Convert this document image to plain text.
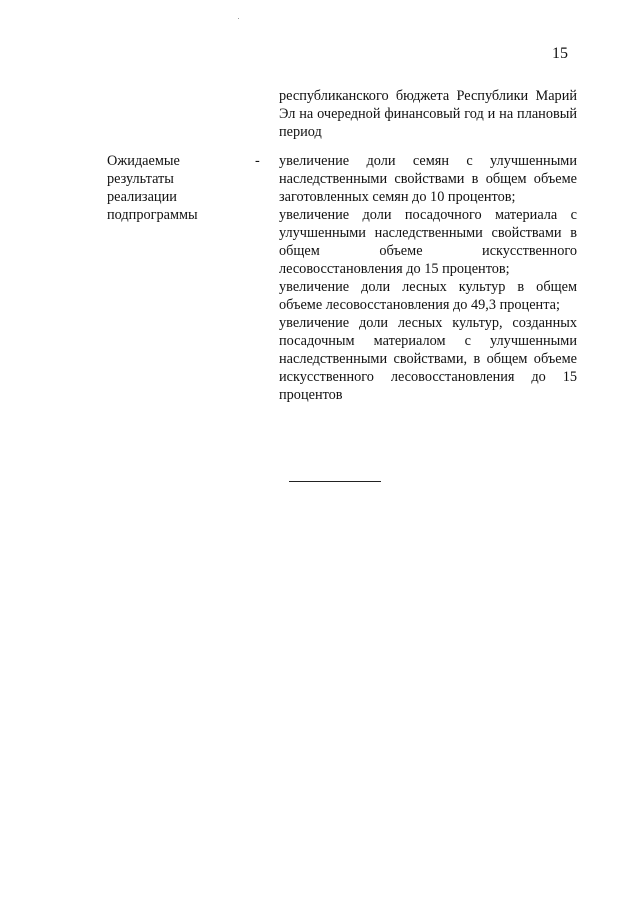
15
республиканского бюджета Республики Марий Эл на очередной финансовый год и на плановый период
Ожидаемые
результаты
реализации
подпрограммы
- увеличение доли семян с улучшенными наследственными свойствами в общем объеме заготовленных семян до 10 процентов;

увеличение доли посадочного материала с улучшенными наследственными свойствами в общем объеме искусственного лесовосстановления до 15 процентов;

увеличение доли лесных культур в общем объеме лесовосстановления до 49,3 процента;

увеличение доли лесных культур, созданных посадочным материалом с улучшенными наследственными свойствами, в общем объеме искусственного лесовосстановления до 15 процентов
